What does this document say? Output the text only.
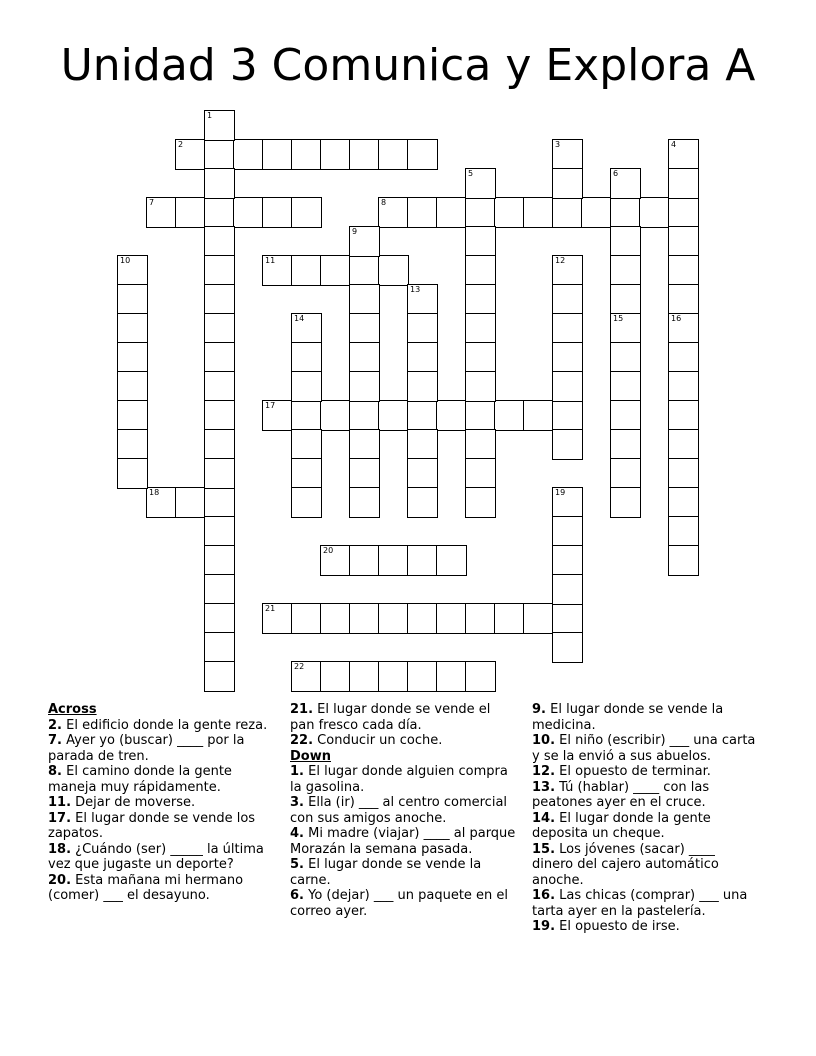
Unidad 3 Comunica y Explora A
2
7	8
11
17
18
20
21
22
1
3	4
5	6
9
10	12
13
14	15	16
19

Across

2. El edificio donde la gente reza.

7. Ayer yo (buscar) ____ por la parada de tren.

8. El camino donde la gente maneja muy rápidamente.

11. Dejar de moverse.

17. El lugar donde se vende los zapatos.

18. ¿Cuándo (ser) _____ la última vez que jugaste un deporte?

20. Esta mañana mi hermano (comer) ___ el desayuno.

21. El lugar donde se vende el pan fresco cada día.

22. Conducir un coche.

Down

1. El lugar donde alguien compra la gasolina.

3. Ella (ir) ___ al centro comercial con sus amigos anoche.

4. Mi madre (viajar) ____ al parque Morazán la semana pasada.

5. El lugar donde se vende la carne.

6. Yo (dejar) ___ un paquete en el correo ayer.

9. El lugar donde se vende la medicina.

10. El niño (escribir) ___ una carta y se la envió a sus abuelos.

12. El opuesto de terminar.

13. Tú (hablar) ____ con las peatones ayer en el cruce.

14. El lugar donde la gente deposita un cheque.

15. Los jóvenes (sacar) ____ dinero del cajero automático anoche.

16. Las chicas (comprar) ___ una tarta ayer en la pastelería.

19. El opuesto de irse.
